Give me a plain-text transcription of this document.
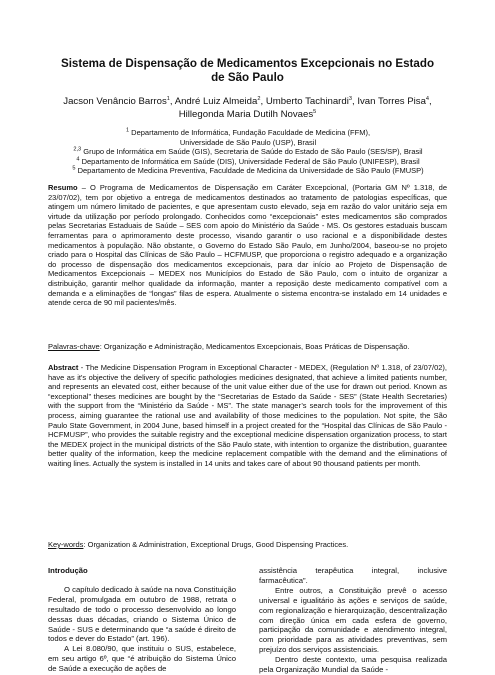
Sistema de Dispensação de Medicamentos Excepcionais no Estado
de São Paulo
Jacson Venâncio Barros$^1$, André Luiz Almeida$^2$, Umberto Tachinardi$^3$, Ivan Torres Pisa$^4$,
Hillegonda Maria Dutilh Novaes$^5$
$^1$ Departamento de Informática, Fundação Faculdade de Medicina (FFM),
Universidade de São Paulo (USP), Brasil
$^{2,3}$ Grupo de Informática em Saúde (GIS), Secretaria de Saúde do Estado de São Paulo (SES/SP), Brasil
$^4$ Departamento de Informática em Saúde (DIS), Universidade Federal de São Paulo (UNIFESP), Brasil
$^5$ Departamento de Medicina Preventiva, Faculdade de Medicina da Universidade de São Paulo (FMUSP)
Resumo – O Programa de Medicamentos de Dispensação em Caráter Excepcional, (Portaria GM Nº 1.318, de 23/07/02), tem por objetivo a entrega de medicamentos destinados ao tratamento de patologias específicas, que atingem um número limitado de pacientes, e que apresentam custo elevado, seja em razão do valor unitário seja em virtude da utilização por período prolongado. Conhecidos como “excepcionais” estes medicamentos são comprados pelas Secretarias Estaduais de Saúde – SES com apoio do Ministério da Saúde - MS. Os gestores estaduais buscam ferramentas para o aprimoramento deste processo, visando garantir o uso racional e a disponibilidade destes medicamentos à população. Não obstante, o Governo do Estado São Paulo, em Junho/2004, baseou-se no projeto criado para o Hospital das Clínicas de São Paulo – HCFMUSP, que proporciona o registro adequado e a organização do processo de dispensação dos medicamentos excepcionais, para dar início ao Projeto de Dispensação de Medicamentos Excepcionais – MEDEX nos Municípios do Estado de São Paulo, com o intuito de organizar a distribuição, garantir melhor qualidade da informação, manter a reposição deste medicamento compatível com a demanda e a eliminações de “longas” filas de espera. Atualmente o sistema encontra-se instalado em 14 unidades e atende cerca de 90 mil pacientes/mês.
Palavras-chave: Organização e Administração, Medicamentos Excepcionais, Boas Práticas de Dispensação.
Abstract - The Medicine Dispensation Program in Exceptional Character - MEDEX, (Regulation Nº 1.318, of 23/07/02), have as it's objective the delivery of specific pathologies medicines designated, that achieve a limited patients number, and represents an elevated cost, either because of the unit value either due of the use for drawn out period. Known as “exceptional” theses medicines are bought by the “Secretarias de Estado da Saúde - SES” (State Health Secretaries) with the support from the “Ministério da Saúde - MS”. The state manager’s search tools for the improvement of this process, aiming guarantee the rational use and availability of those medicines to the population. Not spite, the São Paulo State Government, in 2004 June, based himself in a project created for the “Hospital das Clínicas de São Paulo - HCFMUSP”, who provides the suitable registry and the exceptional medicine dispensation organization process, to start the MEDEX project in the municipal districts of the São Paulo state, with intention to organize the distribution, guarantee better quality of the information, keep the medicine replacement compatible with the demand and the eliminations of waiting lines. Actually the system is installed in 14 units and takes care of about 90 thousand patients per month.
Key-words: Organization & Administration, Exceptional Drugs, Good Dispensing Practices.
Introdução

O capítulo dedicado à saúde na nova Constituição Federal, promulgada em outubro de 1988, retrata o resultado de todo o processo desenvolvido ao longo dessas duas décadas, criando o Sistema Único de Saúde - SUS e determinando que “a saúde é direito de todos e dever do Estado” (art. 196).

A Lei 8.080/90, que instituiu o SUS, estabelece, em seu artigo 6º, que “é atribuição do Sistema Único de Saúde a execução de ações de

assistência terapêutica integral, inclusive farmacêutica”.

Entre outros, a Constituição prevê o acesso universal e igualitário às ações e serviços de saúde, com regionalização e hierarquização, descentralização com direção única em cada esfera de governo, participação da comunidade e atendimento integral, com prioridade para as atividades preventivas, sem prejuízo dos serviços assistenciais.

Dentro deste contexto, uma pesquisa realizada pela Organização Mundial da Saúde -
